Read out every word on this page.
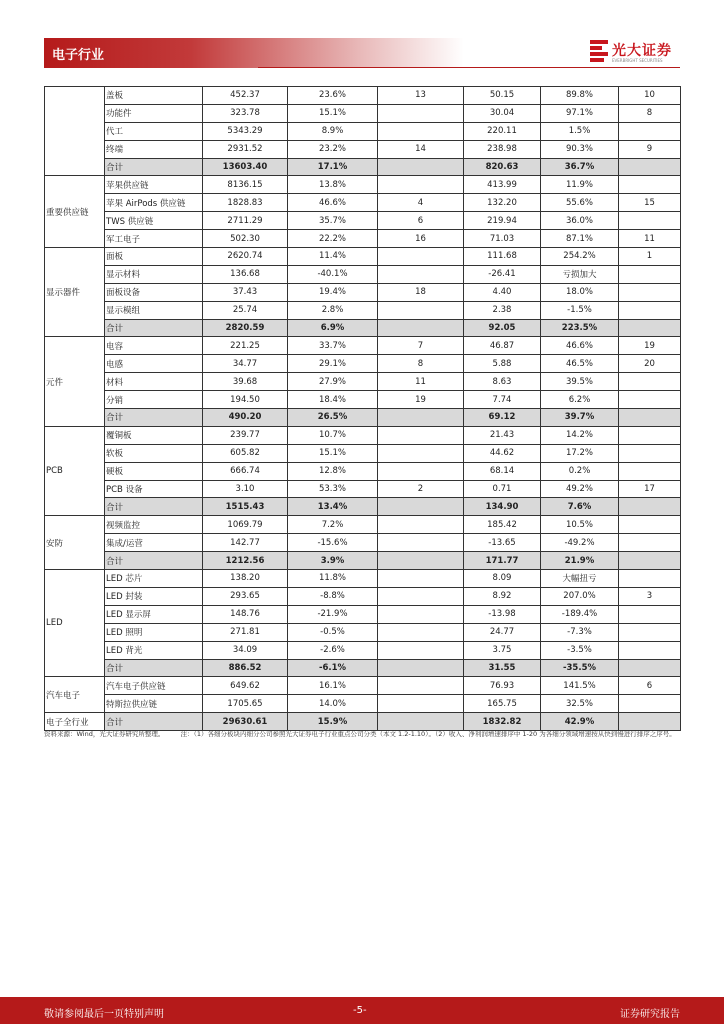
电子行业	光大证券
EVERBRIGHT SECURITIES
	盖板	452.37	23.6%	13	50.15	89.8%	10
	功能件	323.78	15.1%		30.04	97.1%	8
	代工	5343.29	8.9%		220.11	1.5%	
	终端	2931.52	23.2%	14	238.98	90.3%	9
	合计	13603.40	17.1%		820.63	36.7%	
重要供应链	苹果供应链	8136.15	13.8%		413.99	11.9%	
	苹果 AirPods 供应链	1828.83	46.6%	4	132.20	55.6%	15
	TWS 供应链	2711.29	35.7%	6	219.94	36.0%	
	军工电子	502.30	22.2%	16	71.03	87.1%	11
显示器件	面板	2620.74	11.4%		111.68	254.2%	1
	显示材料	136.68	-40.1%		-26.41	亏损加大	
	面板设备	37.43	19.4%	18	4.40	18.0%	
	显示模组	25.74	2.8%		2.38	-1.5%	
	合计	2820.59	6.9%		92.05	223.5%	
元件	电容	221.25	33.7%	7	46.87	46.6%	19
	电感	34.77	29.1%	8	5.88	46.5%	20
	材料	39.68	27.9%	11	8.63	39.5%	
	分销	194.50	18.4%	19	7.74	6.2%	
	合计	490.20	26.5%		69.12	39.7%	
PCB	覆铜板	239.77	10.7%		21.43	14.2%	
	软板	605.82	15.1%		44.62	17.2%	
	硬板	666.74	12.8%		68.14	0.2%	
	PCB 设备	3.10	53.3%	2	0.71	49.2%	17
	合计	1515.43	13.4%		134.90	7.6%	
安防	视频监控	1069.79	7.2%		185.42	10.5%	
	集成/运营	142.77	-15.6%		-13.65	-49.2%	
	合计	1212.56	3.9%		171.77	21.9%	
LED	LED 芯片	138.20	11.8%		8.09	大幅扭亏	
	LED 封装	293.65	-8.8%		8.92	207.0%	3
	LED 显示屏	148.76	-21.9%		-13.98	-189.4%	
	LED 照明	271.81	-0.5%		24.77	-7.3%	
	LED 背光	34.09	-2.6%		3.75	-3.5%	
	合计	886.52	-6.1%		31.55	-35.5%	
汽车电子	汽车电子供应链	649.62	16.1%		76.93	141.5%	6
	特斯拉供应链	1705.65	14.0%		165.75	32.5%	
电子全行业	合计	29630.61	15.9%		1832.82	42.9%	
资料来源：Wind，光大证券研究所整理。　　　注：（1）各细分板块内细分公司参照光大证券电子行业重点公司分类（本文 1.2-1.10）。（2）收入、净利润增速排序中 1-20 为各细分领域增速按从快到慢进行排序之序号。
敬请参阅最后一页特别声明	-5-	证券研究报告
